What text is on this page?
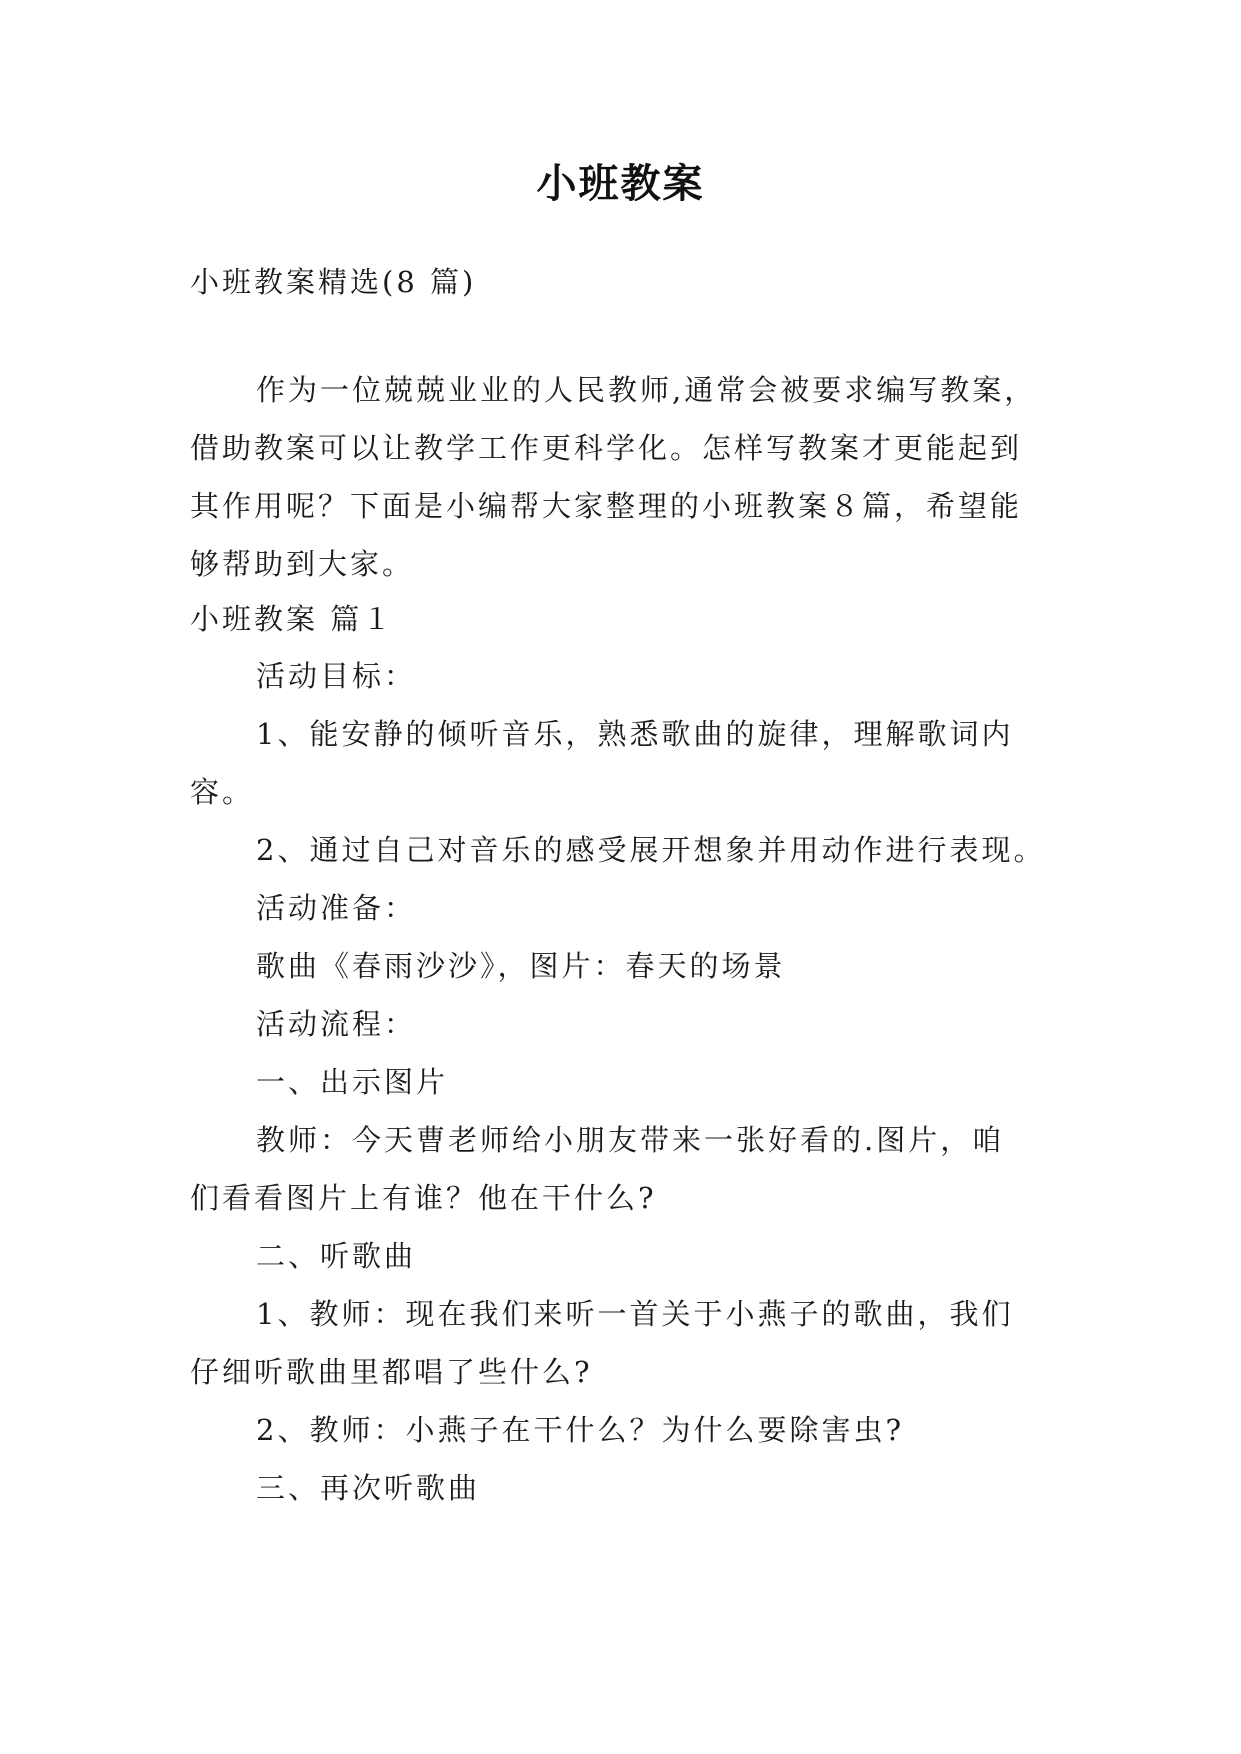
小班教案
小班教案精选(8 篇)
作为一位兢兢业业的人民教师,通常会被要求编写教案，
借助教案可以让教学工作更科学化。怎样写教案才更能起到
其作用呢？下面是小编帮大家整理的小班教案８篇，希望能
够帮助到大家。
小班教案 篇１
活动目标：
1、能安静的倾听音乐，熟悉歌曲的旋律，理解歌词内
容。
2、通过自己对音乐的感受展开想象并用动作进行表现。
活动准备：
歌曲《春雨沙沙》，图片：春天的场景
活动流程：
一、出示图片
教师：今天曹老师给小朋友带来一张好看的.图片，咱
们看看图片上有谁？他在干什么?
二、听歌曲
1、教师：现在我们来听一首关于小燕子的歌曲，我们
仔细听歌曲里都唱了些什么?
2、教师：小燕子在干什么？为什么要除害虫?
三、再次听歌曲
